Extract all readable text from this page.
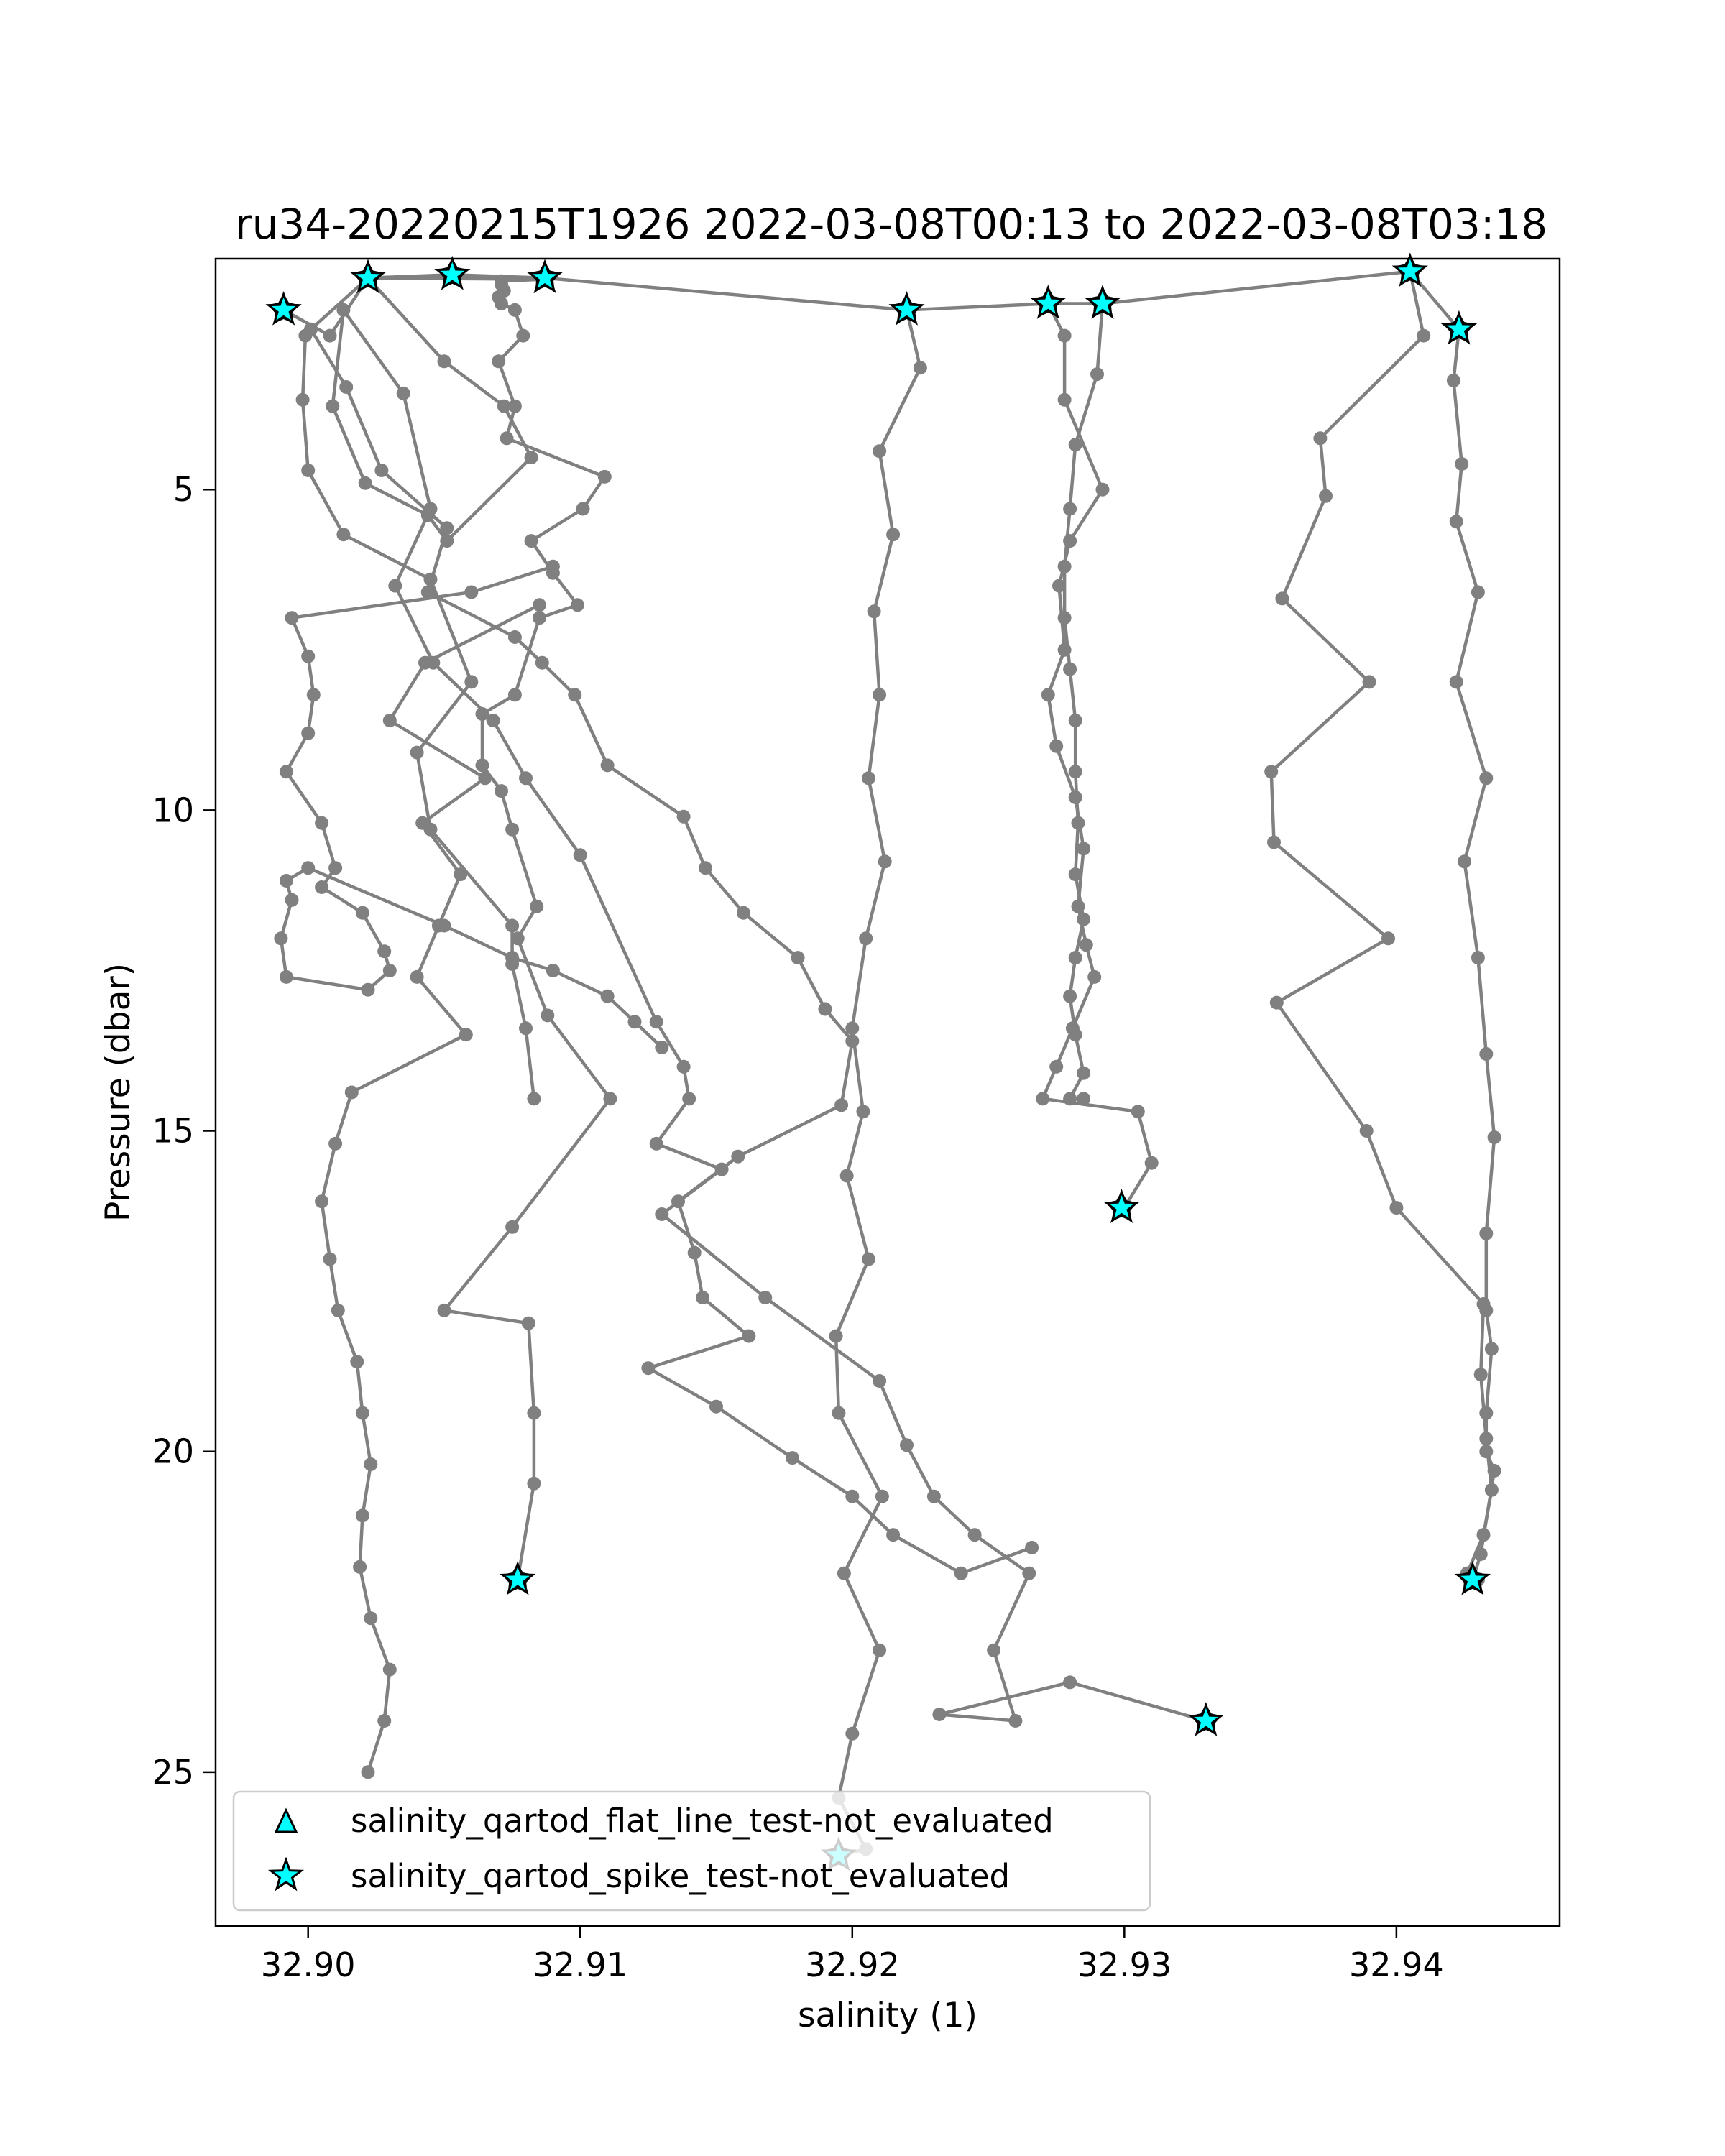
ru34-20220215T1926 2022-03-08T00:13 to 2022-03-08T03:18
32.90	32.91	32.92	32.93	32.94
5
10
15
20
25
salinity (1)
Pressure (dbar)
salinity_qartod_flat_line_test-not_evaluated
salinity_qartod_spike_test-not_evaluated
